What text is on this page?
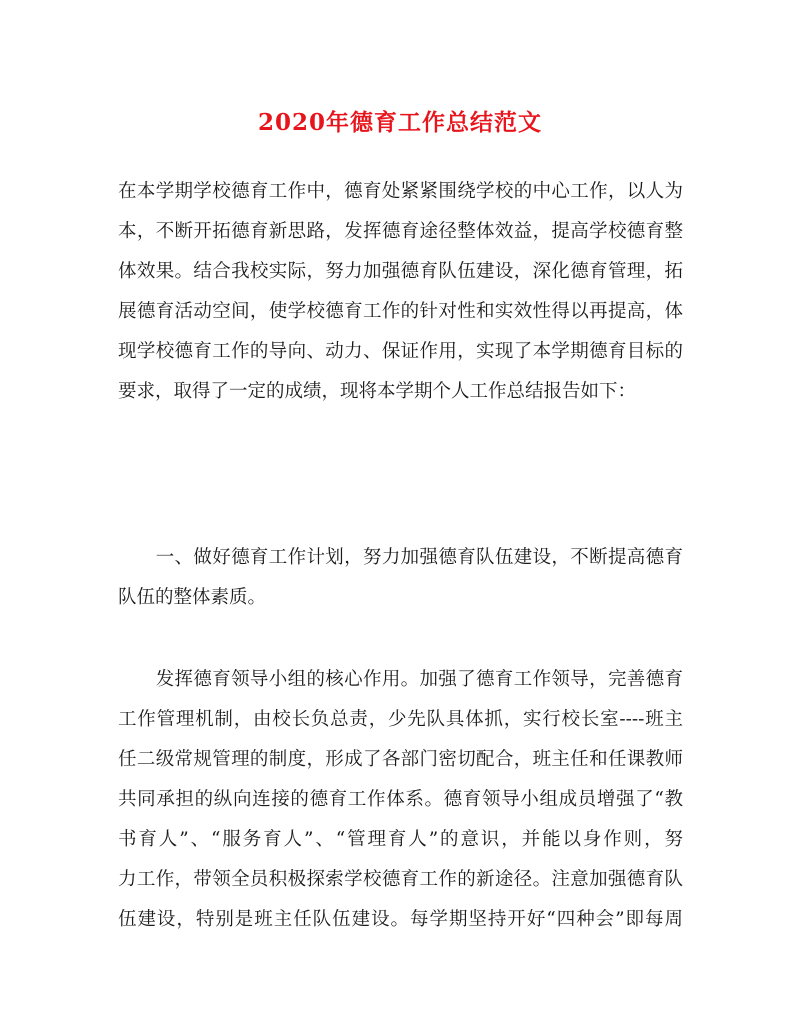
2020年德育工作总结范文
在本学期学校德育工作中，德育处紧紧围绕学校的中心工作，以人为
本，不断开拓德育新思路，发挥德育途径整体效益，提高学校德育整
体效果。结合我校实际，努力加强德育队伍建设，深化德育管理，拓
展德育活动空间，使学校德育工作的针对性和实效性得以再提高，体
现学校德育工作的导向、动力、保证作用，实现了本学期德育目标的
要求，取得了一定的成绩，现将本学期个人工作总结报告如下：
　　一、做好德育工作计划，努力加强德育队伍建设，不断提高德育
队伍的整体素质。
　　发挥德育领导小组的核心作用。加强了德育工作领导，完善德育
工作管理机制，由校长负总责，少先队具体抓，实行校长室----班主
任二级常规管理的制度，形成了各部门密切配合，班主任和任课教师
共同承担的纵向连接的德育工作体系。德育领导小组成员增强了“教
书育人”、“服务育人”、“管理育人”的意识，并能以身作则，努
力工作，带领全员积极探索学校德育工作的新途径。注意加强德育队
伍建设，特别是班主任队伍建设。每学期坚持开好“四种会”即每周
